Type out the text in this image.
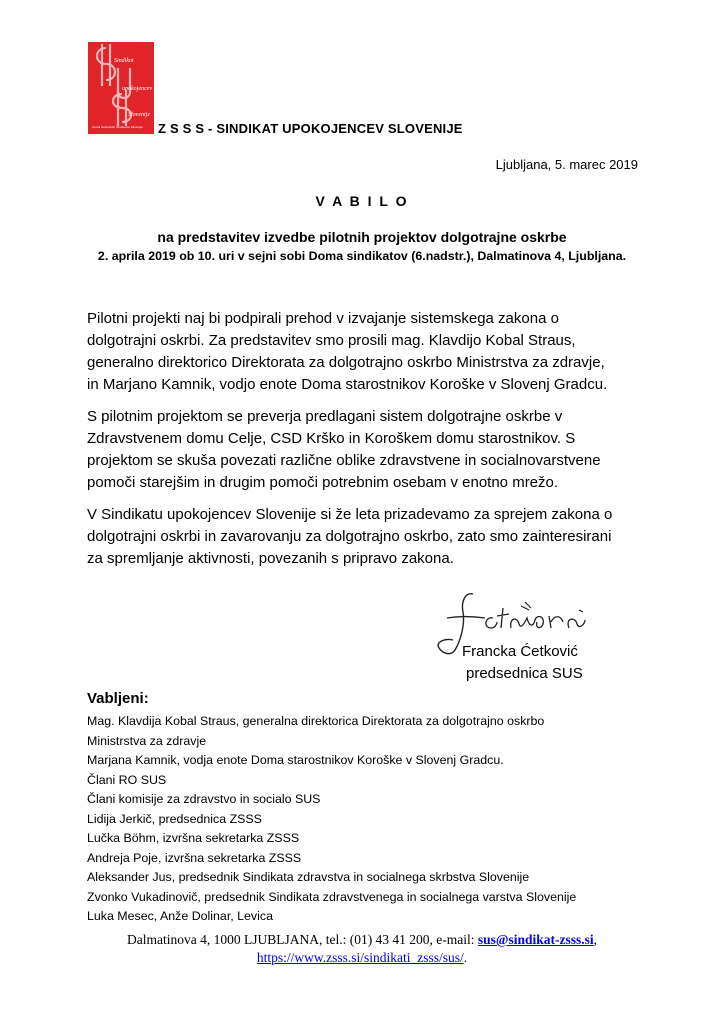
Sindikat
upokojencev
Slovenije
Zveza Svobodnih Sindikatov Slovenije	Z S S S - SINDIKAT UPOKOJENCEV SLOVENIJE
Ljubljana, 5. marec 2019
V A B I L O
na predstavitev izvedbe pilotnih projektov dolgotrajne oskrbe
2. aprila 2019 ob 10. uri v sejni sobi Doma sindikatov (6.nadstr.), Dalmatinova 4, Ljubljana.
Pilotni projekti naj bi podpirali prehod v izvajanje sistemskega zakona o
dolgotrajni oskrbi. Za predstavitev smo prosili mag. Klavdijo Kobal Straus,
generalno direktorico Direktorata za dolgotrajno oskrbo Ministrstva za zdravje,
in Marjano Kamnik, vodjo enote Doma starostnikov Koroške v Slovenj Gradcu.
S pilotnim projektom se preverja predlagani sistem dolgotrajne oskrbe v
Zdravstvenem domu Celje, CSD Krško in Koroškem domu starostnikov. S
projektom se skuša povezati različne oblike zdravstvene in socialnovarstvene
pomoči starejšim in drugim pomoči potrebnim osebam v enotno mrežo.
V Sindikatu upokojencev Slovenije si že leta prizadevamo za sprejem zakona o
dolgotrajni oskrbi in zavarovanju za dolgotrajno oskrbo, zato smo zainteresirani
za spremljanje aktivnosti, povezanih s pripravo zakona.
Francka Ćetković
predsednica SUS
Vabljeni:
Mag. Klavdija Kobal Straus, generalna direktorica Direktorata za dolgotrajno oskrbo
Ministrstva za zdravje
Marjana Kamnik, vodja enote Doma starostnikov Koroške v Slovenj Gradcu.
Člani RO SUS
Člani komisije za zdravstvo in socialo SUS
Lidija Jerkič, predsednica ZSSS
Lučka Böhm, izvršna sekretarka ZSSS
Andreja Poje, izvršna sekretarka ZSSS
Aleksander Jus, predsednik Sindikata zdravstva in socialnega skrbstva Slovenije
Zvonko Vukadinovič, predsednik Sindikata zdravstvenega in socialnega varstva Slovenije
Luka Mesec, Anže Dolinar, Levica
Dalmatinova 4, 1000 LJUBLJANA, tel.: (01) 43 41 200, e-mail: sus@sindikat-zsss.si,
https://www.zsss.si/sindikati_zsss/sus/.
